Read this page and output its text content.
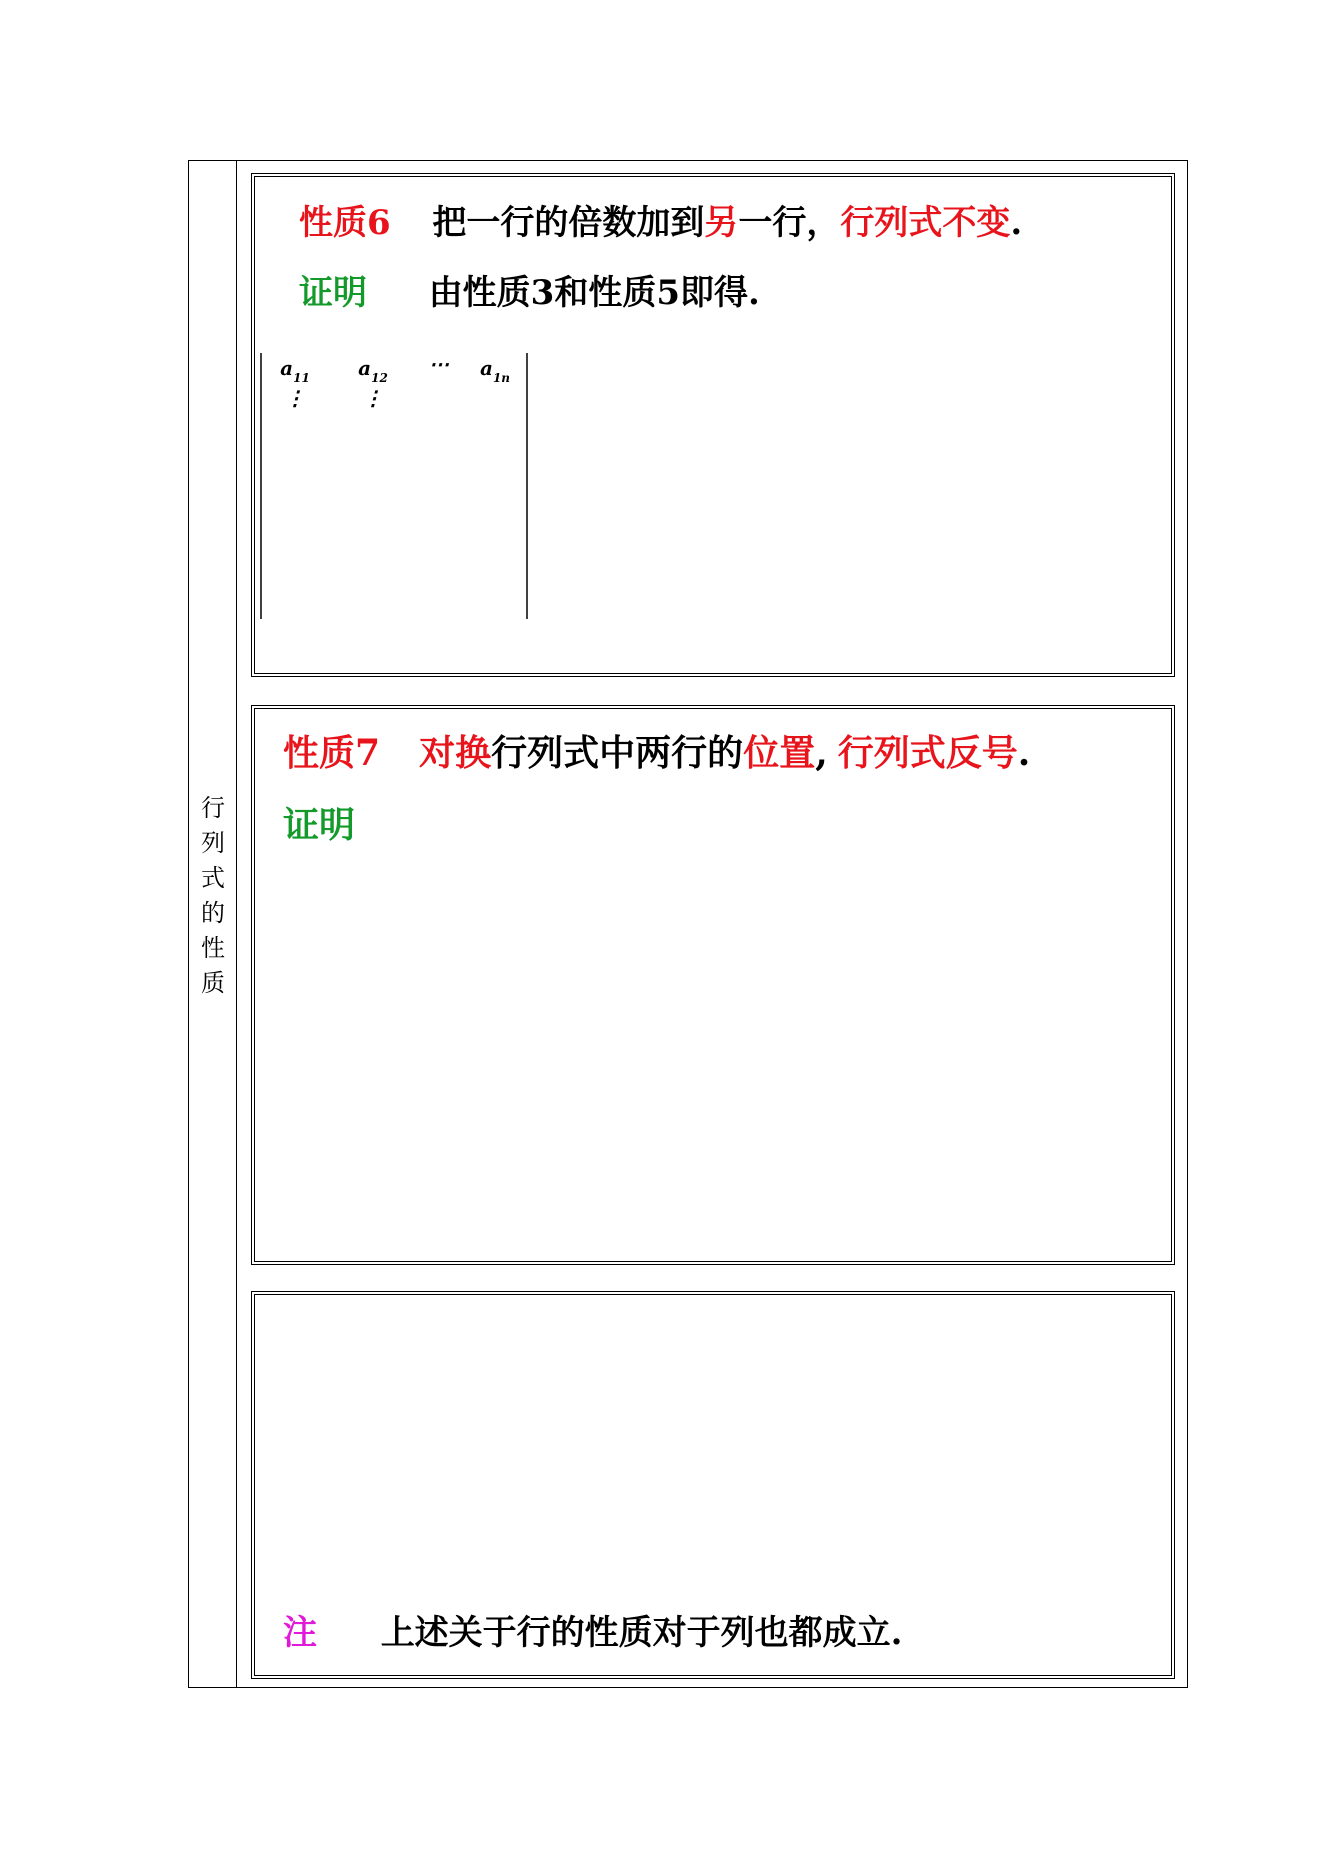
行
列
式
的
性
质
性质6 把一行的倍数加到另一行，行列式不变.
证明 由性质3和性质5即得.
$a_{11}$ $a_{12}$
⋯ $a_{1n}$
⋮	⋮
性质7 对换行列式中两行的位置, 行列式反号.
证明
注 上述关于行的性质对于列也都成立.
